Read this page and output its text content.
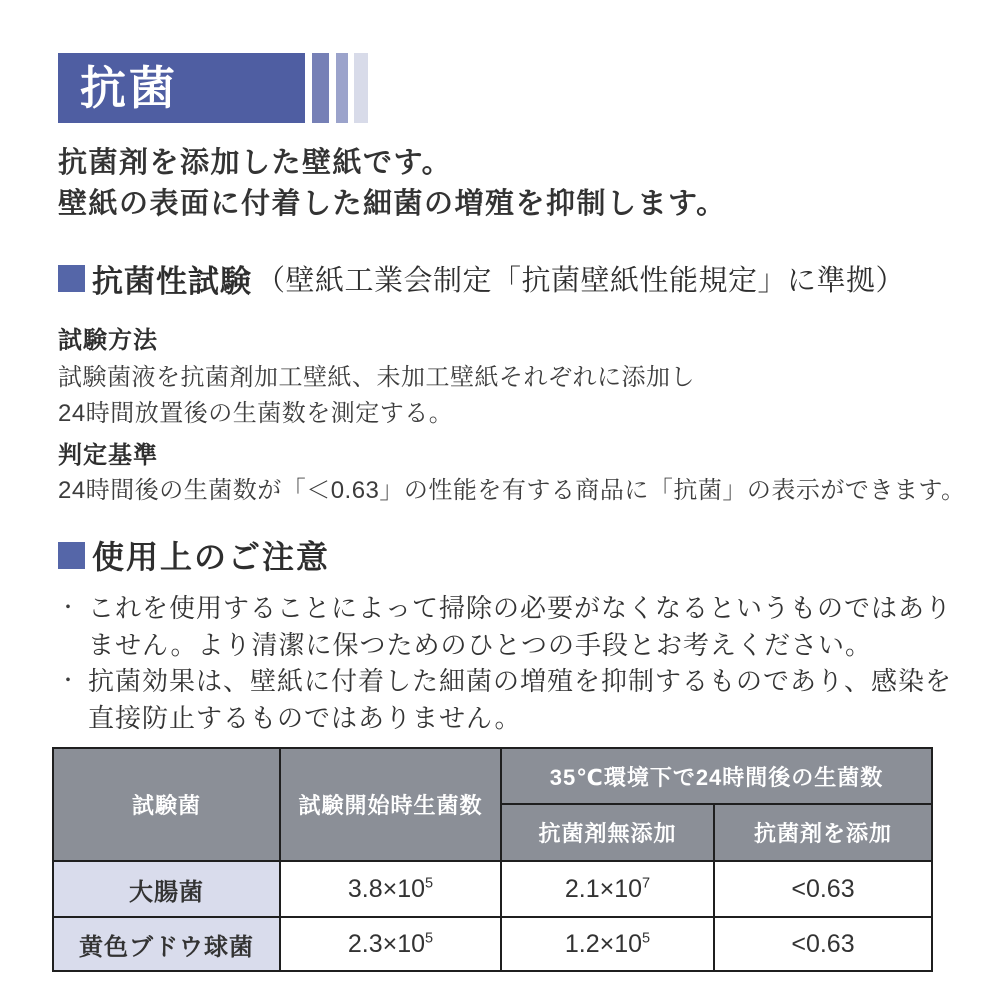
抗菌
抗菌剤を添加した壁紙です。
壁紙の表面に付着した細菌の増殖を抑制します。
抗菌性試験 （壁紙工業会制定「抗菌壁紙性能規定」に準拠）
試験方法
試験菌液を抗菌剤加工壁紙、未加工壁紙それぞれに添加し
24時間放置後の生菌数を測定する。
判定基準
24時間後の生菌数が「＜0.63」の性能を有する商品に「抗菌」の表示ができます。
使用上のご注意
・ これを使用することによって掃除の必要がなくなるというものではありません。より清潔に保つためのひとつの手段とお考えください。
・ 抗菌効果は、壁紙に付着した細菌の増殖を抑制するものであり、感染を直接防止するものではありません。
試験菌	試験開始時生菌数	35℃環境下で24時間後の生菌数	
		抗菌剤無添加	抗菌剤を添加
大腸菌	$3.8\times 10^5$	$2.1\times 10^7$	<0.63
黄色ブドウ球菌	$2.3\times 10^5$	$1.2\times 10^5$	<0.63
